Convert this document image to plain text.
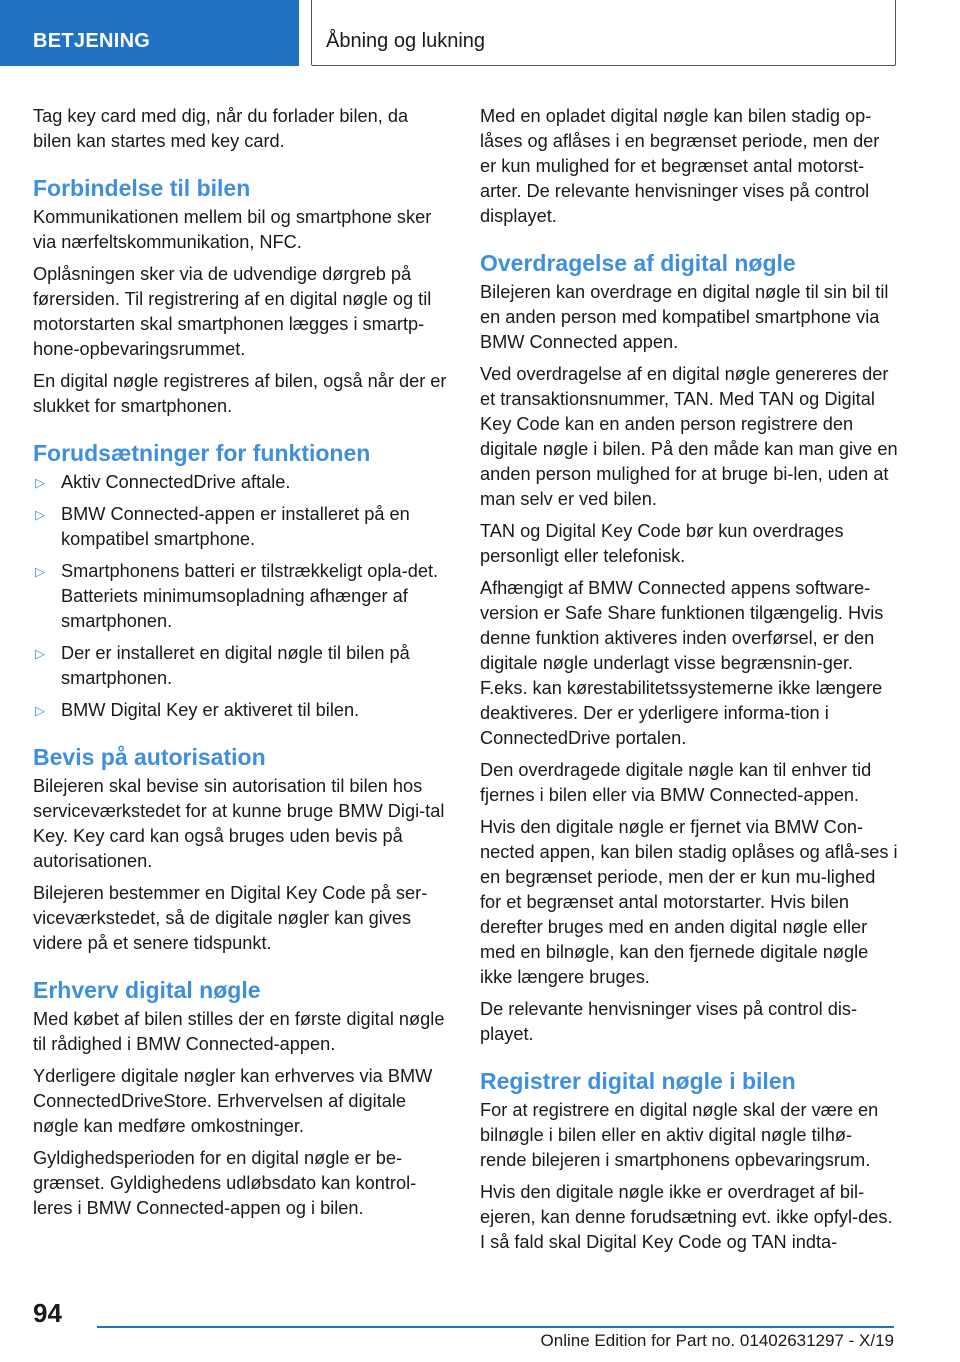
BETJENING	Åbning og lukning

Tag key card med dig, når du forlader bilen, da bilen kan startes med key card.

Forbindelse til bilen

Kommunikationen mellem bil og smartphone sker via nærfeltskommunikation, NFC.

Oplåsningen sker via de udvendige dørgreb på førersiden. Til registrering af en digital nøgle og til motorstarten skal smartphonen lægges i smartp‐hone-opbevaringsrummet.

En digital nøgle registreres af bilen, også når der er slukket for smartphonen.

Forudsætninger for funktionen
▷ Aktiv ConnectedDrive aftale.
▷ BMW Connected-appen er installeret på en kompatibel smartphone.
▷ Smartphonens batteri er tilstrækkeligt opla‐det. Batteriets minimumsopladning afhænger af smartphonen.
▷ Der er installeret en digital nøgle til bilen på smartphonen.
▷ BMW Digital Key er aktiveret til bilen.
Bevis på autorisation

Bilejeren skal bevise sin autorisation til bilen hos serviceværkstedet for at kunne bruge BMW Digi‐tal Key. Key card kan også bruges uden bevis på autorisationen.

Bilejeren bestemmer en Digital Key Code på ser‐viceværkstedet, så de digitale nøgler kan gives videre på et senere tidspunkt.

Erhverv digital nøgle

Med købet af bilen stilles der en første digital nøgle til rådighed i BMW Connected-appen.

Yderligere digitale nøgler kan erhverves via BMW ConnectedDriveStore. Erhvervelsen af digitale nøgle kan medføre omkostninger.

Gyldighedsperioden for en digital nøgle er be‐grænset. Gyldighedens udløbsdato kan kontrol‐leres i BMW Connected-appen og i bilen.

Med en opladet digital nøgle kan bilen stadig op‐låses og aflåses i en begrænset periode, men der er kun mulighed for et begrænset antal motorst‐arter. De relevante henvisninger vises på control displayet.

Overdragelse af digital nøgle

Bilejeren kan overdrage en digital nøgle til sin bil til en anden person med kompatibel smartphone via BMW Connected appen.

Ved overdragelse af en digital nøgle genereres der et transaktionsnummer, TAN. Med TAN og Digital Key Code kan en anden person registrere den digitale nøgle i bilen. På den måde kan man give en anden person mulighed for at bruge bi‐len, uden at man selv er ved bilen.

TAN og Digital Key Code bør kun overdrages personligt eller telefonisk.

Afhængigt af BMW Connected appens software‐version er Safe Share funktionen tilgængelig. Hvis denne funktion aktiveres inden overførsel, er den digitale nøgle underlagt visse begrænsnin‐ger. F.eks. kan kørestabilitetssystemerne ikke længere deaktiveres. Der er yderligere informa‐tion i ConnectedDrive portalen.

Den overdragede digitale nøgle kan til enhver tid fjernes i bilen eller via BMW Connected-appen.

Hvis den digitale nøgle er fjernet via BMW Con‐nected appen, kan bilen stadig oplåses og aflå‐ses i en begrænset periode, men der er kun mu‐lighed for et begrænset antal motorstarter. Hvis bilen derefter bruges med en anden digital nøgle eller med en bilnøgle, kan den fjernede digitale nøgle ikke længere bruges.

De relevante henvisninger vises på control dis‐playet.

Registrer digital nøgle i bilen

For at registrere en digital nøgle skal der være en bilnøgle i bilen eller en aktiv digital nøgle tilhø‐rende bilejeren i smartphonens opbevaringsrum.

Hvis den digitale nøgle ikke er overdraget af bil‐ejeren, kan denne forudsætning evt. ikke opfyl‐des. I så fald skal Digital Key Code og TAN indta‐

94
Online Edition for Part no. 01402631297 - X/19
